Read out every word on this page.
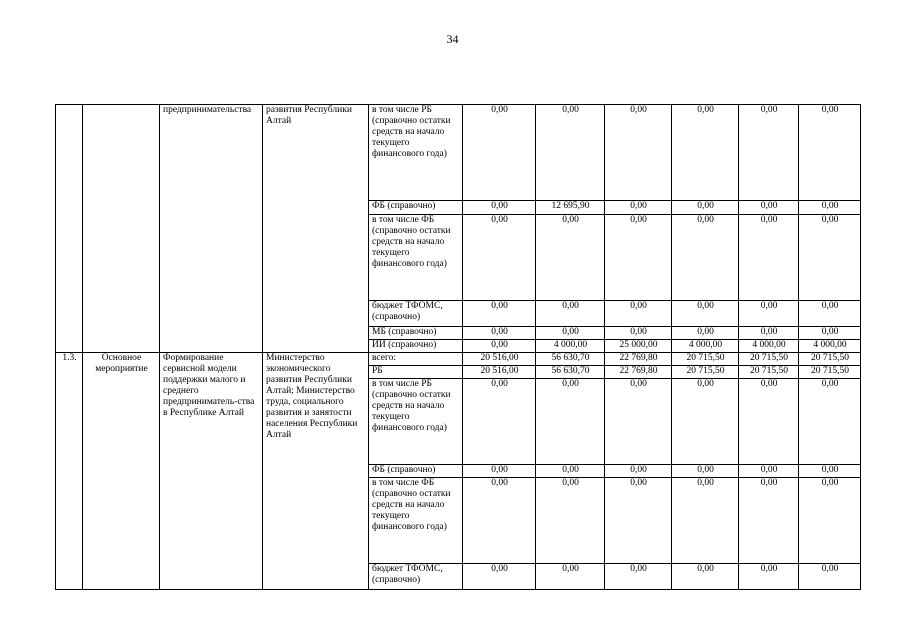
34
		предпринимательства	развития Республики Алтай	в том числе РБ (справочно остатки средств на начало текущего финансового года)	0,00	0,00	0,00	0,00	0,00	0,00
				ФБ (справочно)	0,00	12 695,90	0,00	0,00	0,00	0,00
				в том числе ФБ (справочно остатки средств на начало текущего финансового года)	0,00	0,00	0,00	0,00	0,00	0,00
				бюджет ТФОМС, (справочно)	0,00	0,00	0,00	0,00	0,00	0,00
				МБ (справочно)	0,00	0,00	0,00	0,00	0,00	0,00
				ИИ (справочно)	0,00	4 000,00	25 000,00	4 000,00	4 000,00	4 000,00
1.3.	Основное мероприятие	Формирование сервисной модели поддержки малого и среднего предприниматель-ства в Республике Алтай	Министерство экономического развития Республики Алтай; Министерство труда, социального развития и занятости населения Республики Алтай	всего:	20 516,00	56 630,70	22 769,80	20 715,50	20 715,50	20 715,50
				РБ	20 516,00	56 630,70	22 769,80	20 715,50	20 715,50	20 715,50
				в том числе РБ (справочно остатки средств на начало текущего финансового года)	0,00	0,00	0,00	0,00	0,00	0,00
				ФБ (справочно)	0,00	0,00	0,00	0,00	0,00	0,00
				в том числе ФБ (справочно остатки средств на начало текущего финансового года)	0,00	0,00	0,00	0,00	0,00	0,00
				бюджет ТФОМС, (справочно)	0,00	0,00	0,00	0,00	0,00	0,00
